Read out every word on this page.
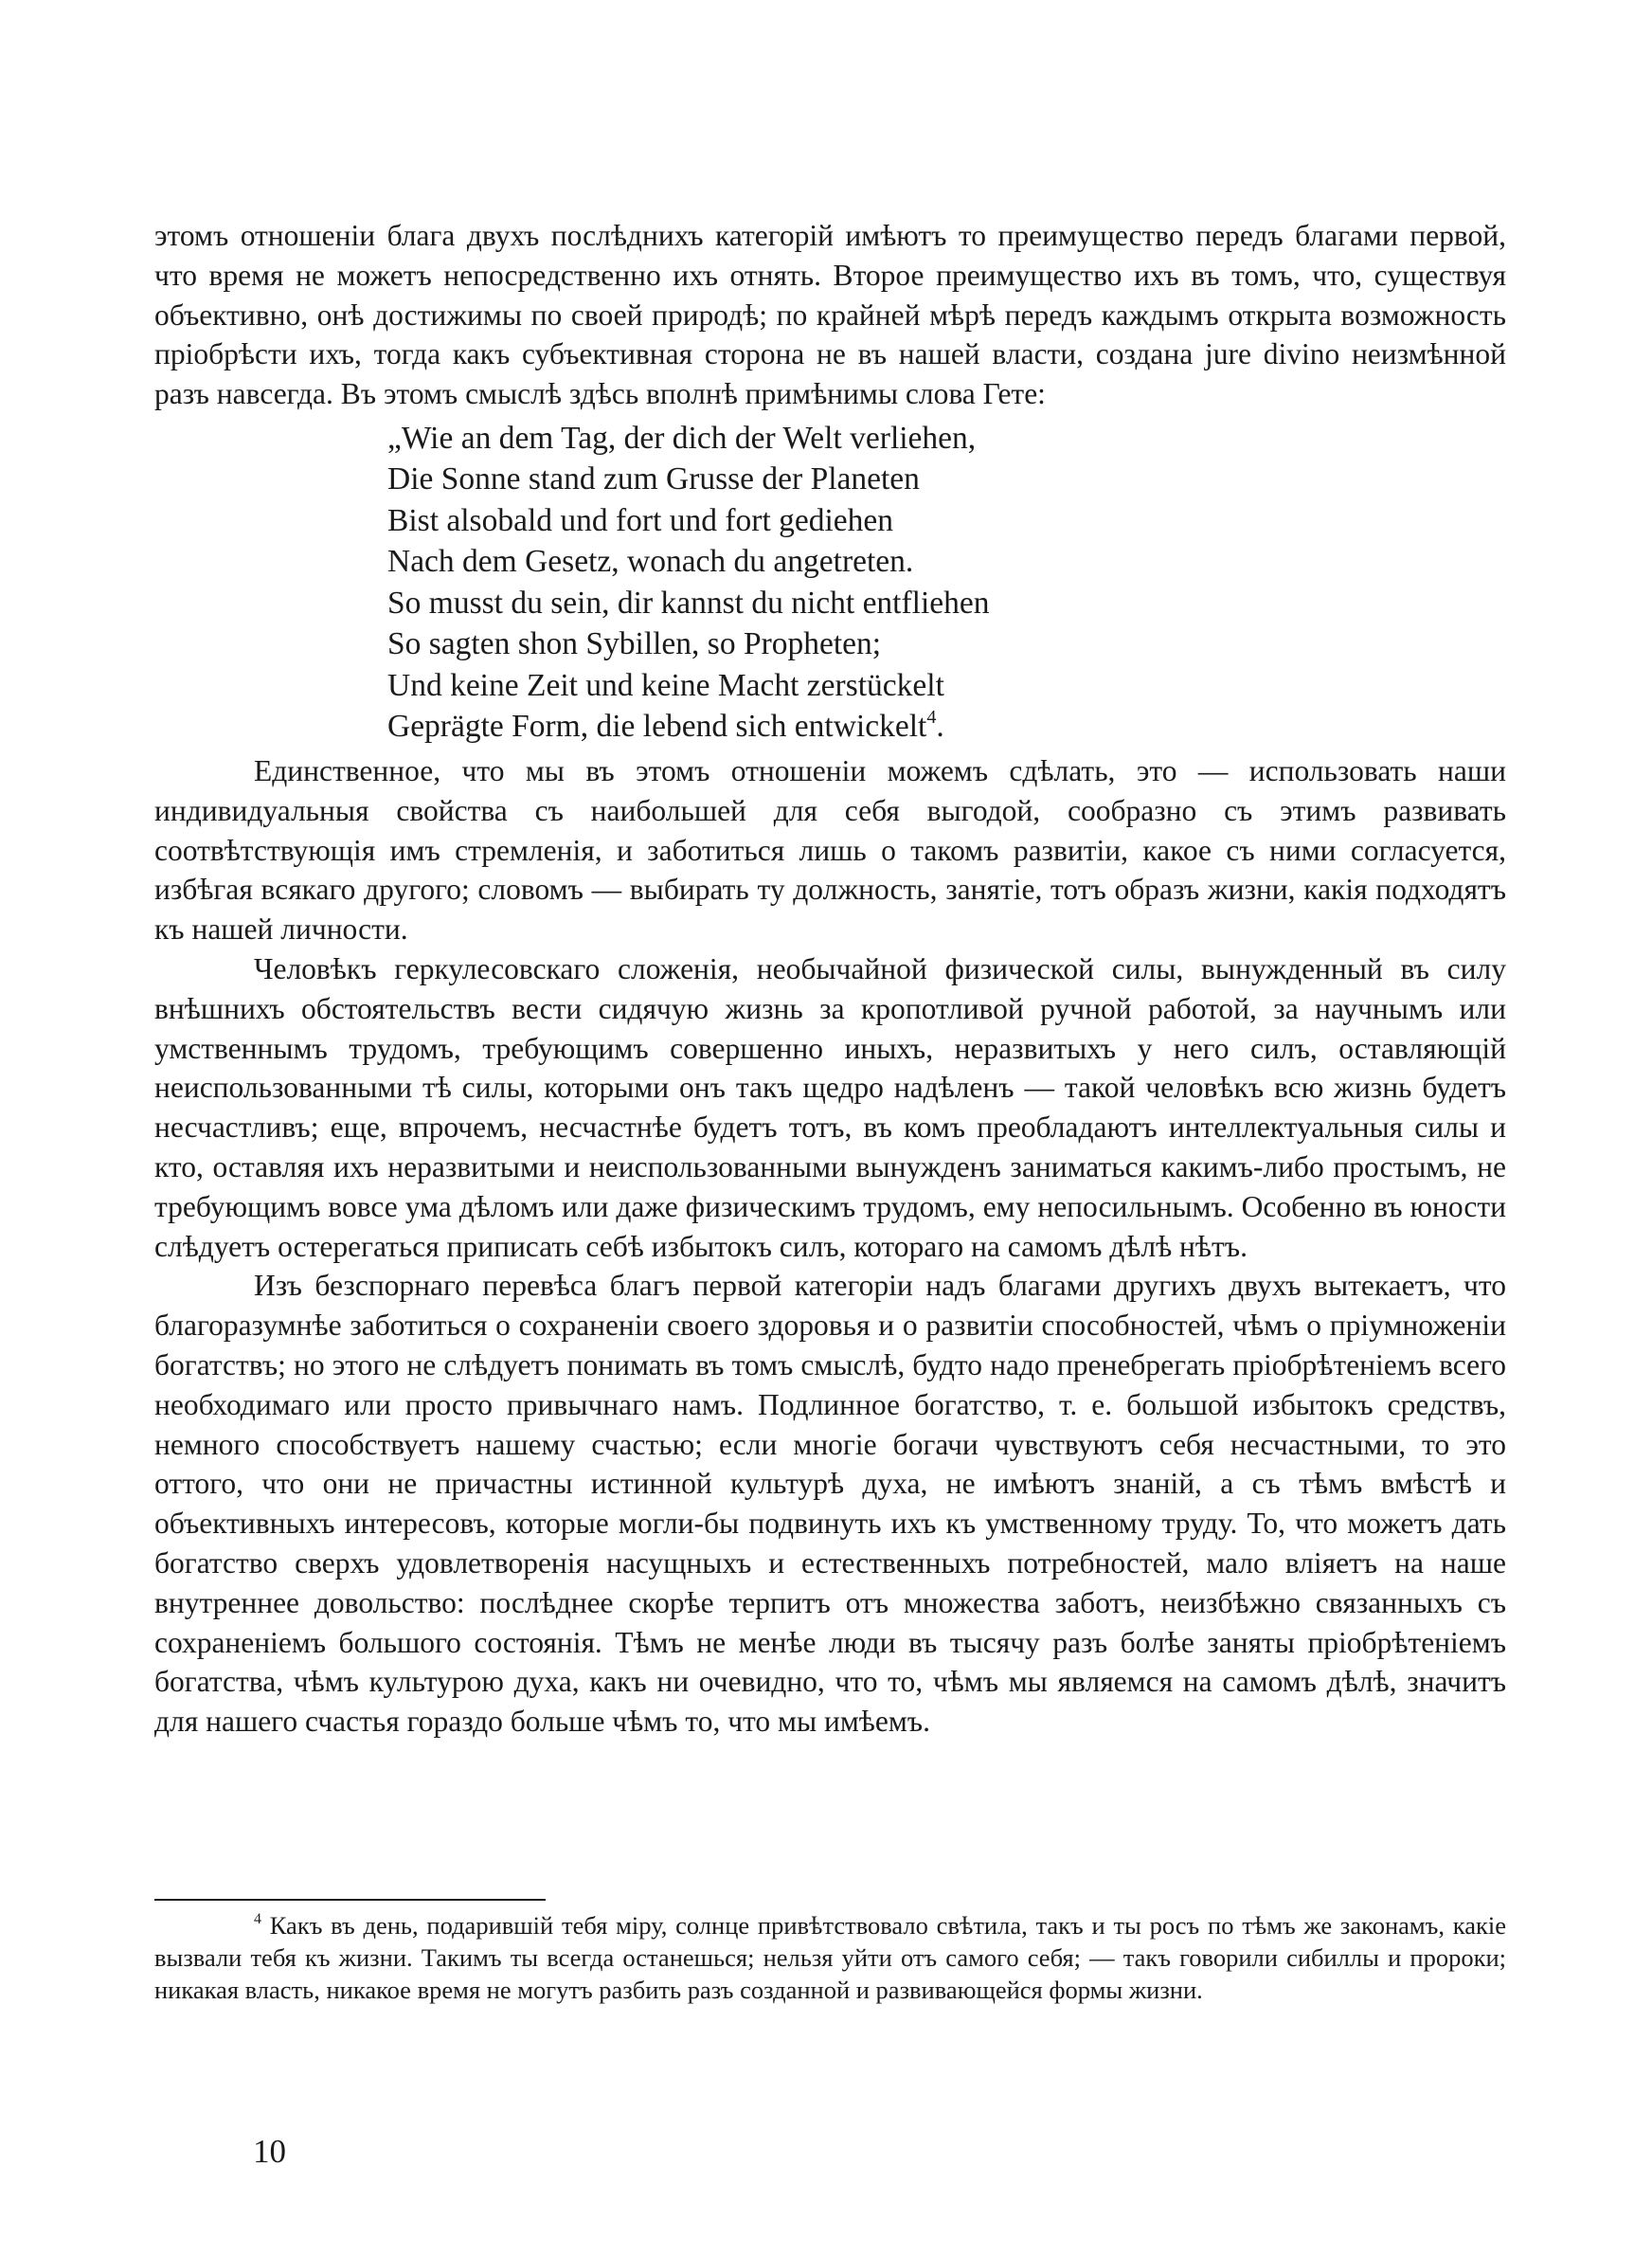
этомъ отношенiи блага двухъ послѣднихъ категорiй имѣютъ то преимущество передъ благами первой, что время не можетъ непосредственно ихъ отнять. Второе преимущество ихъ въ томъ, что, существуя объективно, онѣ достижимы по своей природѣ; по крайней мѣрѣ передъ каждымъ открыта возможность прiобрѣсти ихъ, тогда какъ субъективная сторона не въ нашей власти, создана jure divino неизмѣнной разъ навсегда. Въ этомъ смыслѣ здѣсь вполнѣ примѣнимы слова Гете:

„Wie an dem Tag, der dich der Welt verliehen,
Die Sonne stand zum Grusse der Planeten
Bist alsobald und fort und fort gediehen
Nach dem Gesetz, wonach du angetreten.
So musst du sein, dir kannst du nicht entfliehen
So sagten shon Sybillen, so Propheten;
Und keine Zeit und keine Macht zerstückelt
Geprägte Form, die lebend sich entwickelt$^4$.

Единственное, что мы въ этомъ отношенiи можемъ сдѣлать, это — использовать наши индивидуальныя свойства съ наибольшей для себя выгодой, сообразно съ этимъ развивать соотвѣтствующiя имъ стремленiя, и заботиться лишь о такомъ развитiи, какое съ ними согласуется, избѣгая всякаго другого; словомъ — выбирать ту должность, занятiе, тотъ образъ жизни, какiя подходятъ къ нашей личности.

Человѣкъ геркулесовскаго сложенiя, необычайной физической силы, вынужденный въ силу внѣшнихъ обстоятельствъ вести сидячую жизнь за кропотливой ручной работой, за научнымъ или умственнымъ трудомъ, требующимъ совершенно иныхъ, неразвитыхъ у него силъ, оставляющiй неиспользованными тѣ силы, которыми онъ такъ щедро надѣленъ — такой человѣкъ всю жизнь будетъ несчастливъ; еще, впрочемъ, несчастнѣе будетъ тотъ, въ комъ преобладаютъ интеллектуальныя силы и кто, оставляя ихъ неразвитыми и неиспользованными вынужденъ заниматься какимъ-либо простымъ, не требующимъ вовсе ума дѣломъ или даже физическимъ трудомъ, ему непосильнымъ. Особенно въ юности слѣдуетъ остерегаться приписать себѣ избытокъ силъ, котораго на самомъ дѣлѣ нѣтъ.

Изъ безспорнаго перевѣса благъ первой категорiи надъ благами другихъ двухъ вытекаетъ, что благоразумнѣе заботиться о сохраненiи своего здоровья и о развитiи способностей, чѣмъ о прiумноженiи богатствъ; но этого не слѣдуетъ понимать въ томъ смыслѣ, будто надо пренебрегать прiобрѣтенiемъ всего необходимаго или просто привычнаго намъ. Подлинное богатство, т. е. большой избытокъ средствъ, немного способствуетъ нашему счастью; если многiе богачи чувствуютъ себя несчастными, то это оттого, что они не причастны истинной культурѣ духа, не имѣютъ знанiй, а съ тѣмъ вмѣстѣ и объективныхъ интересовъ, которые могли-бы подвинуть ихъ къ умственному труду. То, что можетъ дать богатство сверхъ удовлетворенiя насущныхъ и естественныхъ потребностей, мало влiяетъ на наше внутреннее довольство: послѣднее скорѣе терпитъ отъ множества заботъ, неизбѣжно связанныхъ съ сохраненiемъ большого состоянiя. Тѣмъ не менѣе люди въ тысячу разъ болѣе заняты прiобрѣтенiемъ богатства, чѣмъ культурою духа, какъ ни очевидно, что то, чѣмъ мы являемся на самомъ дѣлѣ, значитъ для нашего счастья гораздо больше чѣмъ то, что мы имѣемъ.

$^4$ Какъ въ день, подарившiй тебя мiру, солнце привѣтствовало свѣтила, такъ и ты росъ по тѣмъ же законамъ, какiе вызвали тебя къ жизни. Такимъ ты всегда останешься; нельзя уйти отъ самого себя; — такъ говорили сибиллы и пророки; никакая власть, никакое время не могутъ разбить разъ созданной и развивающейся формы жизни.

10
